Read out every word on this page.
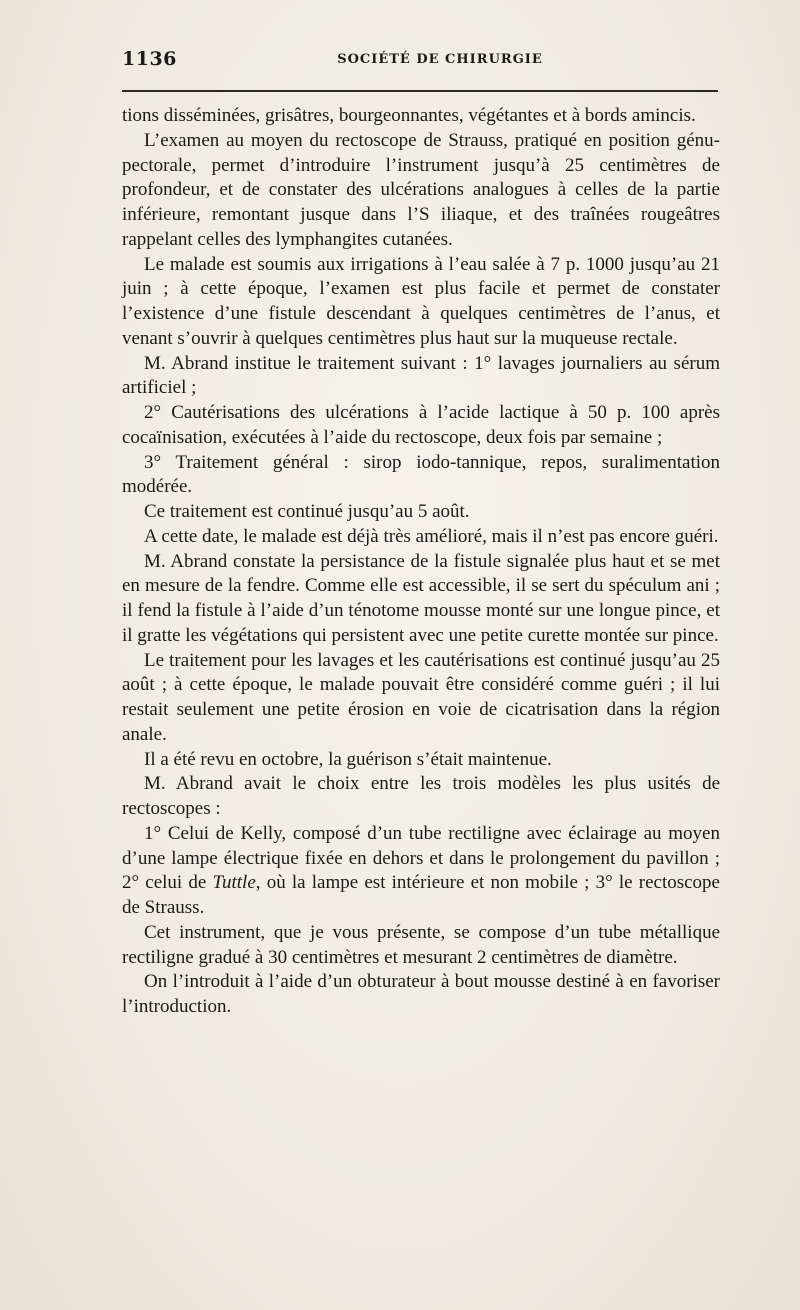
1136	SOCIÉTÉ DE CHIRURGIE

tions disséminées, grisâtres, bourgeonnantes, végétantes et à bords amincis.

L’examen au moyen du rectoscope de Strauss, pratiqué en position génu-pectorale, permet d’introduire l’instrument jusqu’à 25 centimètres de profondeur, et de constater des ulcérations analogues à celles de la partie inférieure, remontant jusque dans l’S iliaque, et des traînées rougeâtres rappelant celles des lymphangites cutanées.

Le malade est soumis aux irrigations à l’eau salée à 7 p. 1000 jusqu’au 21 juin ; à cette époque, l’examen est plus facile et permet de constater l’existence d’une fistule descendant à quelques centimètres de l’anus, et venant s’ouvrir à quelques centimètres plus haut sur la muqueuse rectale.

M. Abrand institue le traitement suivant : 1° lavages journaliers au sérum artificiel ;

2° Cautérisations des ulcérations à l’acide lactique à 50 p. 100 après cocaïnisation, exécutées à l’aide du rectoscope, deux fois par semaine ;

3° Traitement général : sirop iodo-tannique, repos, suralimentation modérée.

Ce traitement est continué jusqu’au 5 août.

A cette date, le malade est déjà très amélioré, mais il n’est pas encore guéri.

M. Abrand constate la persistance de la fistule signalée plus haut et se met en mesure de la fendre. Comme elle est accessible, il se sert du spéculum ani ; il fend la fistule à l’aide d’un ténotome mousse monté sur une longue pince, et il gratte les végétations qui persistent avec une petite curette montée sur pince.

Le traitement pour les lavages et les cautérisations est continué jusqu’au 25 août ; à cette époque, le malade pouvait être considéré comme guéri ; il lui restait seulement une petite érosion en voie de cicatrisation dans la région anale.

Il a été revu en octobre, la guérison s’était maintenue.

M. Abrand avait le choix entre les trois modèles les plus usités de rectoscopes :

1° Celui de Kelly, composé d’un tube rectiligne avec éclairage au moyen d’une lampe électrique fixée en dehors et dans le prolongement du pavillon ; 2° celui de Tuttle, où la lampe est intérieure et non mobile ; 3° le rectoscope de Strauss.

Cet instrument, que je vous présente, se compose d’un tube métallique rectiligne gradué à 30 centimètres et mesurant 2 centimètres de diamètre.

On l’introduit à l’aide d’un obturateur à bout mousse destiné à en favoriser l’introduction.
